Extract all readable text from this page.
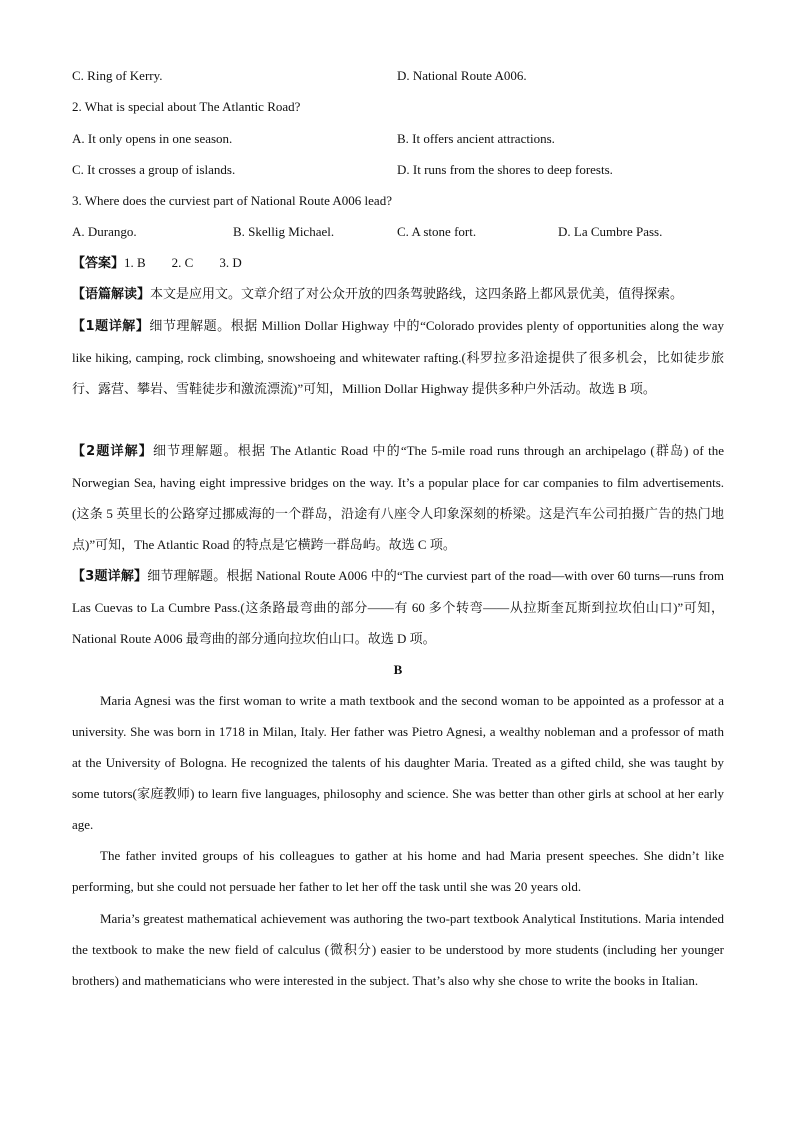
C. Ring of Kerry.	D. National Route A006.
2. What is special about The Atlantic Road?
A. It only opens in one season.	B. It offers ancient attractions.
C. It crosses a group of islands.	D. It runs from the shores to deep forests.
3. Where does the curviest part of National Route A006 lead?
A. Durango.	B. Skellig Michael.	C. A stone fort.	D. La Cumbre Pass.
【答案】1. B　　2. C　　3. D
【语篇解读】本文是应用文。文章介绍了对公众开放的四条驾驶路线，这四条路上都风景优美，值得探索。
【1题详解】细节理解题。根据 Million Dollar Highway 中的“Colorado provides plenty of opportunities along the way like hiking, camping, rock climbing, snowshoeing and whitewater rafting.(科罗拉多沿途提供了很多机会，比如徒步旅行、露营、攀岩、雪鞋徒步和激流漂流)”可知，Million Dollar Highway 提供多种户外活动。故选 B 项。
【2题详解】细节理解题。根据 The Atlantic Road 中的“The 5-mile road runs through an archipelago (群岛) of the Norwegian Sea, having eight impressive bridges on the way. It’s a popular place for car companies to film advertisements.(这条 5 英里长的公路穿过挪威海的一个群岛，沿途有八座令人印象深刻的桥梁。这是汽车公司拍摄广告的热门地点)”可知，The Atlantic Road 的特点是它横跨一群岛屿。故选 C 项。
【3题详解】细节理解题。根据 National Route A006 中的“The curviest part of the road—with over 60 turns—runs from Las Cuevas to La Cumbre Pass.(这条路最弯曲的部分——有 60 多个转弯——从拉斯奎瓦斯到拉坎伯山口)”可知，National Route A006 最弯曲的部分通向拉坎伯山口。故选 D 项。
B
Maria Agnesi was the first woman to write a math textbook and the second woman to be appointed as a professor at a university. She was born in 1718 in Milan, Italy. Her father was Pietro Agnesi, a wealthy nobleman and a professor of math at the University of Bologna. He recognized the talents of his daughter Maria. Treated as a gifted child, she was taught by some tutors(家庭教师) to learn five languages, philosophy and science. She was better than other girls at school at her early age.
The father invited groups of his colleagues to gather at his home and had Maria present speeches. She didn’t like performing, but she could not persuade her father to let her off the task until she was 20 years old.
Maria’s greatest mathematical achievement was authoring the two-part textbook Analytical Institutions. Maria intended the textbook to make the new field of calculus (微积分) easier to be understood by more students (including her younger brothers) and mathematicians who were interested in the subject. That’s also why she chose to write the books in Italian.
